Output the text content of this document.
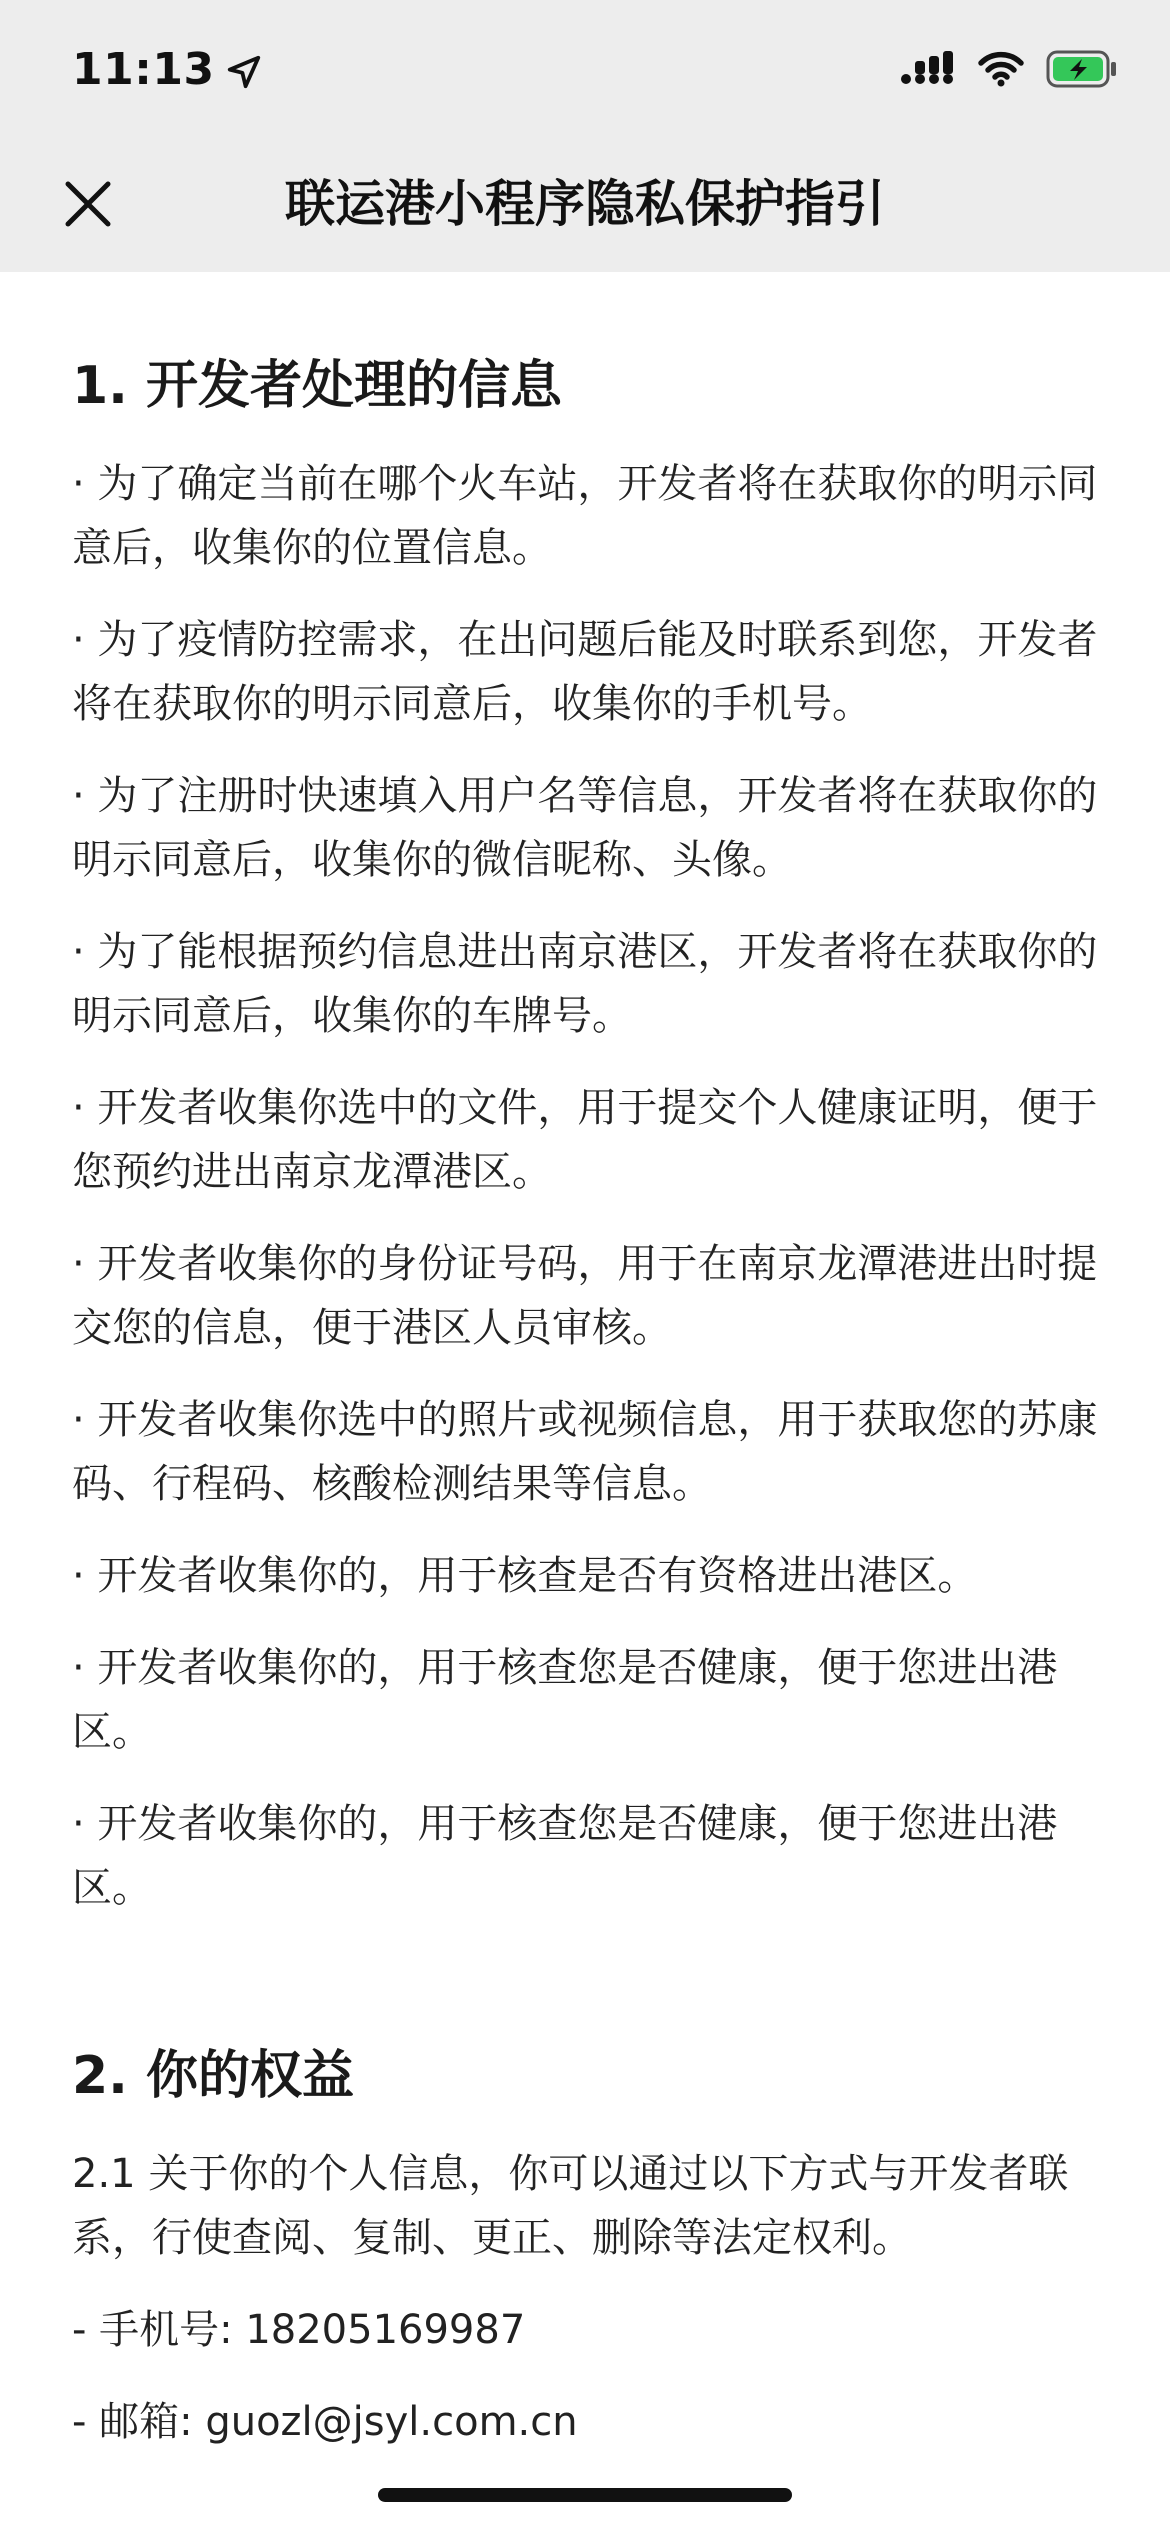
11:13
联运港小程序隐私保护指引
1. 开发者处理的信息

· 为了确定当前在哪个火车站，开发者将在获取你的明示同意后，收集你的位置信息。

· 为了疫情防控需求，在出问题后能及时联系到您，开发者将在获取你的明示同意后，收集你的手机号。

· 为了注册时快速填入用户名等信息，开发者将在获取你的明示同意后，收集你的微信昵称、头像。

· 为了能根据预约信息进出南京港区，开发者将在获取你的明示同意后，收集你的车牌号。

· 开发者收集你选中的文件，用于提交个人健康证明，便于您预约进出南京龙潭港区。

· 开发者收集你的身份证号码，用于在南京龙潭港进出时提交您的信息，便于港区人员审核。

· 开发者收集你选中的照片或视频信息，用于获取您的苏康码、行程码、核酸检测结果等信息。

· 开发者收集你的，用于核查是否有资格进出港区。

· 开发者收集你的，用于核查您是否健康，便于您进出港区。

· 开发者收集你的，用于核查您是否健康，便于您进出港区。

2. 你的权益

2.1 关于你的个人信息，你可以通过以下方式与开发者联系，行使查阅、复制、更正、删除等法定权利。

- 手机号: 18205169987

- 邮箱: guozl@jsyl.com.cn
